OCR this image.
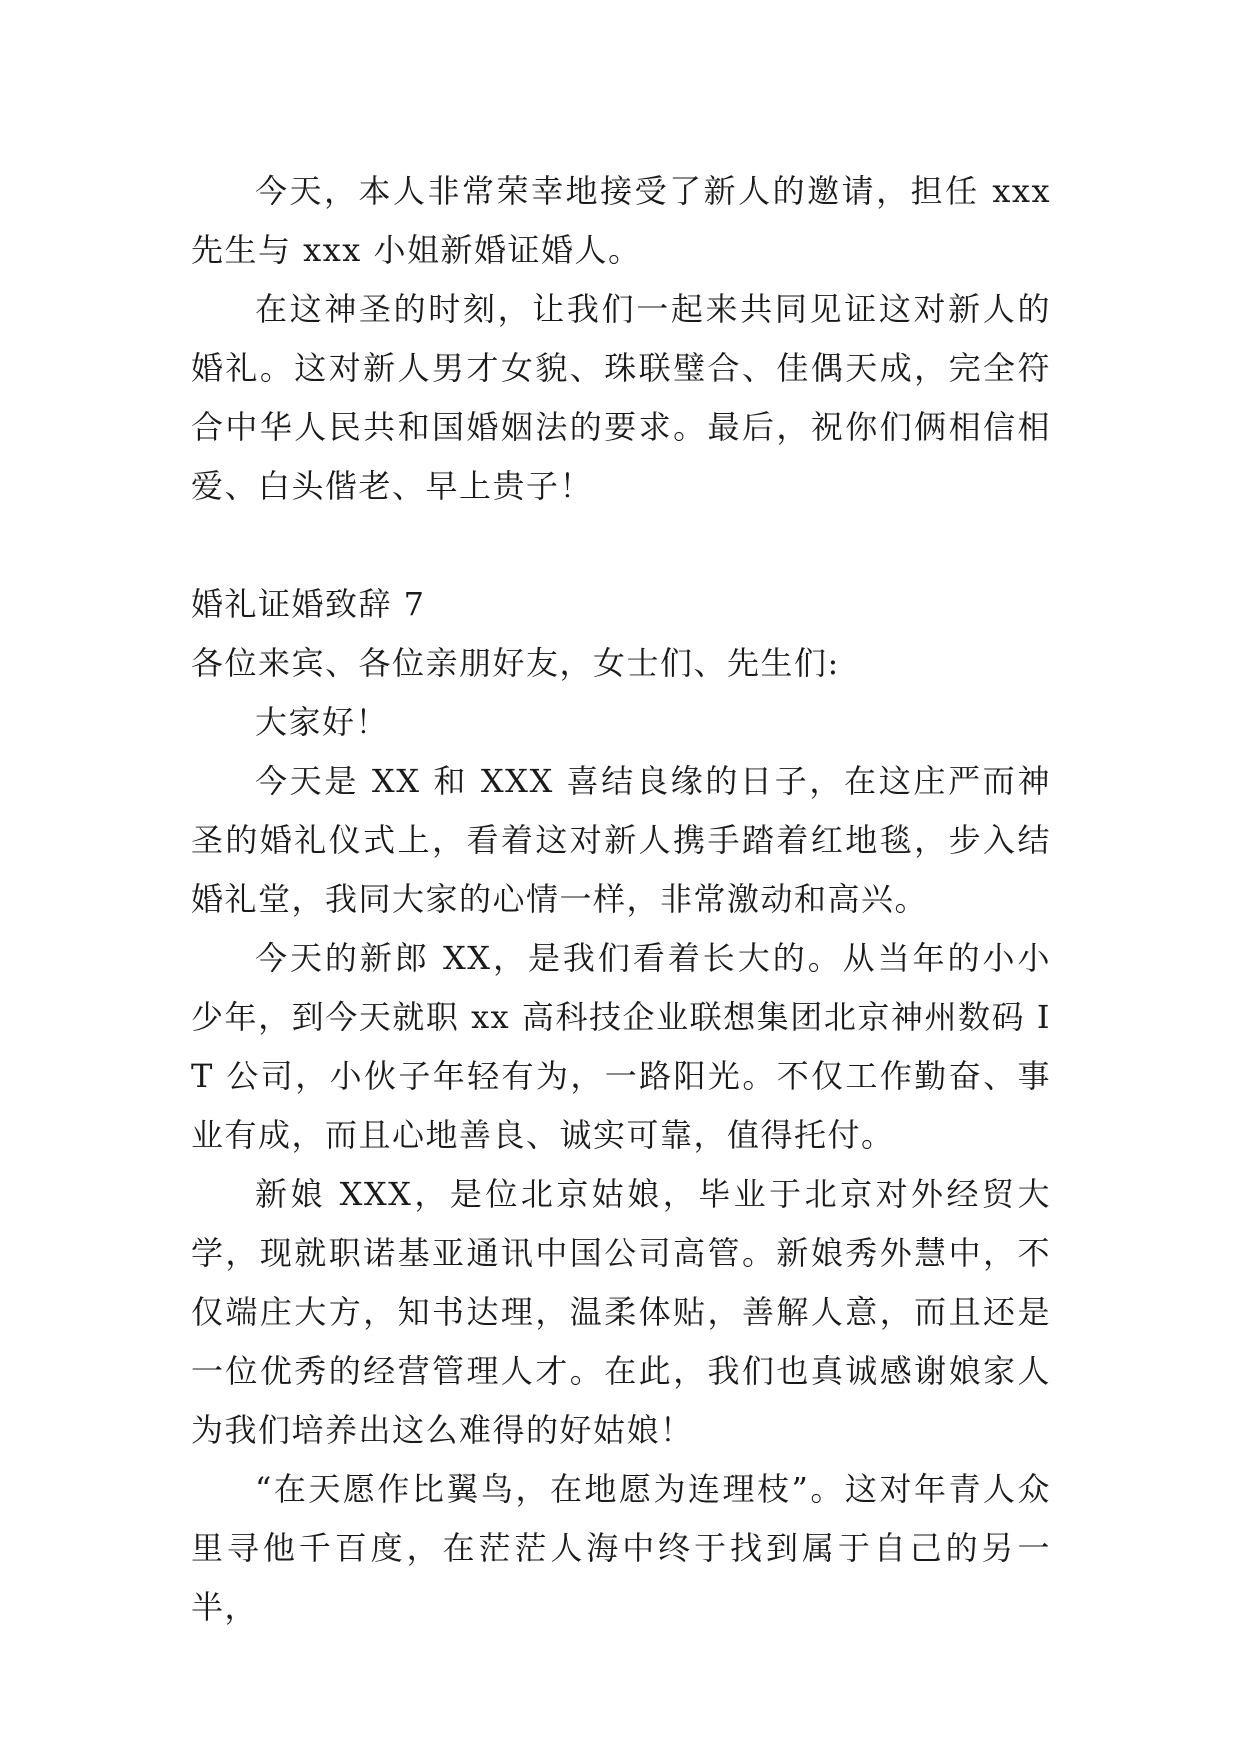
今天，本人非常荣幸地接受了新人的邀请，担任 xxx 先生与 xxx 小姐新婚证婚人。

在这神圣的时刻，让我们一起来共同见证这对新人的婚礼。这对新人男才女貌、珠联璧合、佳偶天成，完全符合中华人民共和国婚姻法的要求。最后，祝你们俩相信相爱、白头偕老、早上贵子！

婚礼证婚致辞 7

各位来宾、各位亲朋好友，女士们、先生们:

大家好！

今天是 XX 和 XXX 喜结良缘的日子，在这庄严而神圣的婚礼仪式上，看着这对新人携手踏着红地毯，步入结婚礼堂，我同大家的心情一样，非常激动和高兴。

今天的新郎 XX，是我们看着长大的。从当年的小小少年，到今天就职 xx 高科技企业联想集团北京神州数码 IT 公司，小伙子年轻有为，一路阳光。不仅工作勤奋、事业有成，而且心地善良、诚实可靠，值得托付。

新娘 XXX，是位北京姑娘，毕业于北京对外经贸大学，现就职诺基亚通讯中国公司高管。新娘秀外慧中，不仅端庄大方，知书达理，温柔体贴，善解人意，而且还是一位优秀的经营管理人才。在此，我们也真诚感谢娘家人为我们培养出这么难得的好姑娘！

“在天愿作比翼鸟，在地愿为连理枝”。这对年青人众里寻他千百度，在茫茫人海中终于找到属于自己的另一半，
